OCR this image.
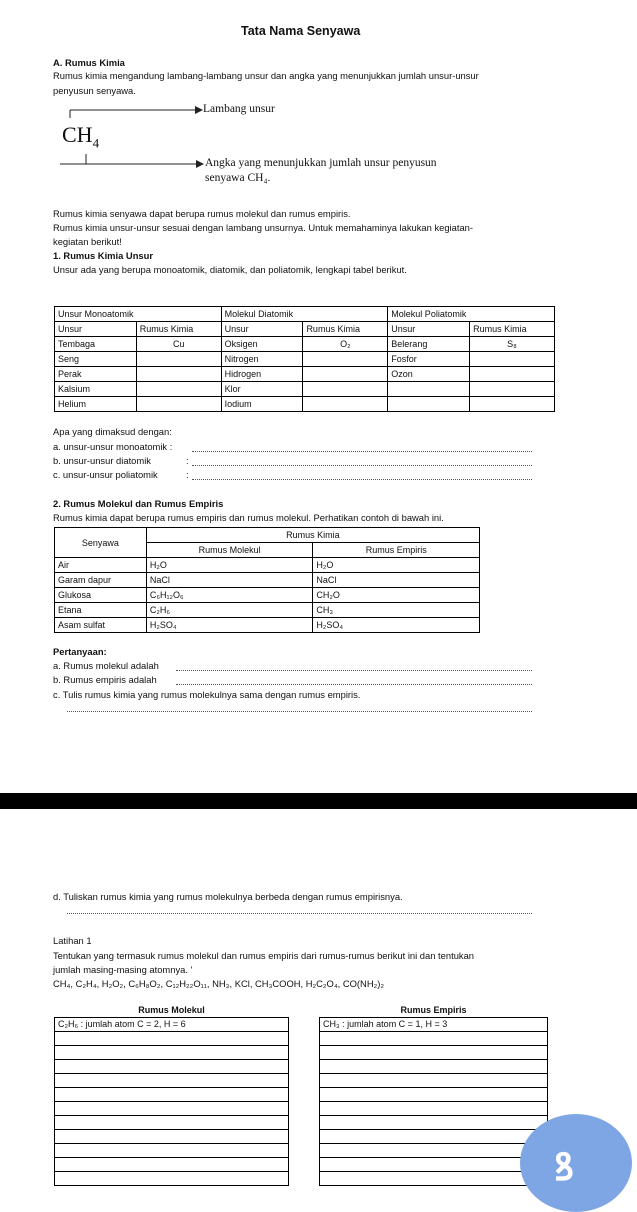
Tata Nama Senyawa
A. Rumus Kimia
Rumus kimia mengandung lambang-lambang unsur dan angka yang menunjukkan jumlah unsur-unsur
penyusun senyawa.
$CH_4$
Lambang unsur
Angka yang menunjukkan jumlah unsur penyusun
senyawa CH₄.
Rumus kimia senyawa dapat berupa rumus molekul dan rumus empiris.
Rumus kimia unsur-unsur sesuai dengan lambang unsurnya. Untuk memahaminya lakukan kegiatan-
kegiatan berikut!
1. Rumus Kimia Unsur
Unsur ada yang berupa monoatomik, diatomik, dan poliatomik, lengkapi tabel berikut.
Unsur Monoatomik		Molekul Diatomik		Molekul Poliatomik	
Unsur	Rumus Kimia	Unsur	Rumus Kimia	Unsur	Rumus Kimia
Tembaga	Cu	Oksigen	O₂	Belerang	S₈
Seng		Nitrogen		Fosfor	
Perak		Hidrogen		Ozon	
Kalsium		Klor			
Helium		Iodium			
Apa yang dimaksud dengan:
a. unsur-unsur monoatomik :
b. unsur-unsur diatomik	:
c. unsur-unsur poliatomik	:
2. Rumus Molekul dan Rumus Empiris
Rumus kimia dapat berupa rumus empiris dan rumus molekul. Perhatikan contoh di bawah ini.
Senyawa	Rumus Kimia	
	Rumus Molekul	Rumus Empiris
Air	H₂O	H₂O
Garam dapur	NaCl	NaCl
Glukosa	C₆H₁₂O₆	CH₂O
Etana	C₂H₆	CH₃
Asam sulfat	H₂SO₄	H₂SO₄
Pertanyaan:
a. Rumus molekul adalah
b. Rumus empiris adalah
c. Tulis rumus kimia yang rumus molekulnya sama dengan rumus empiris.
d. Tuliskan rumus kimia yang rumus molekulnya berbeda dengan rumus empirisnya.
Latihan 1
Tentukan yang termasuk rumus molekul dan rumus empiris dari rumus-rumus berikut ini dan tentukan
jumlah masing-masing atomnya. '
CH₄, C₂H₄, H₂O₂, C₆H₈O₂, C₁₂H₂₂O₁₁, NH₃, KCl, CH₃COOH, H₂C₂O₄, CO(NH₂)₂
Rumus Molekul
C₂H₆ : jumlah atom C = 2, H = 6

Rumus Empiris
CH₃ : jumlah atom C = 1, H = 3

ꝸ
